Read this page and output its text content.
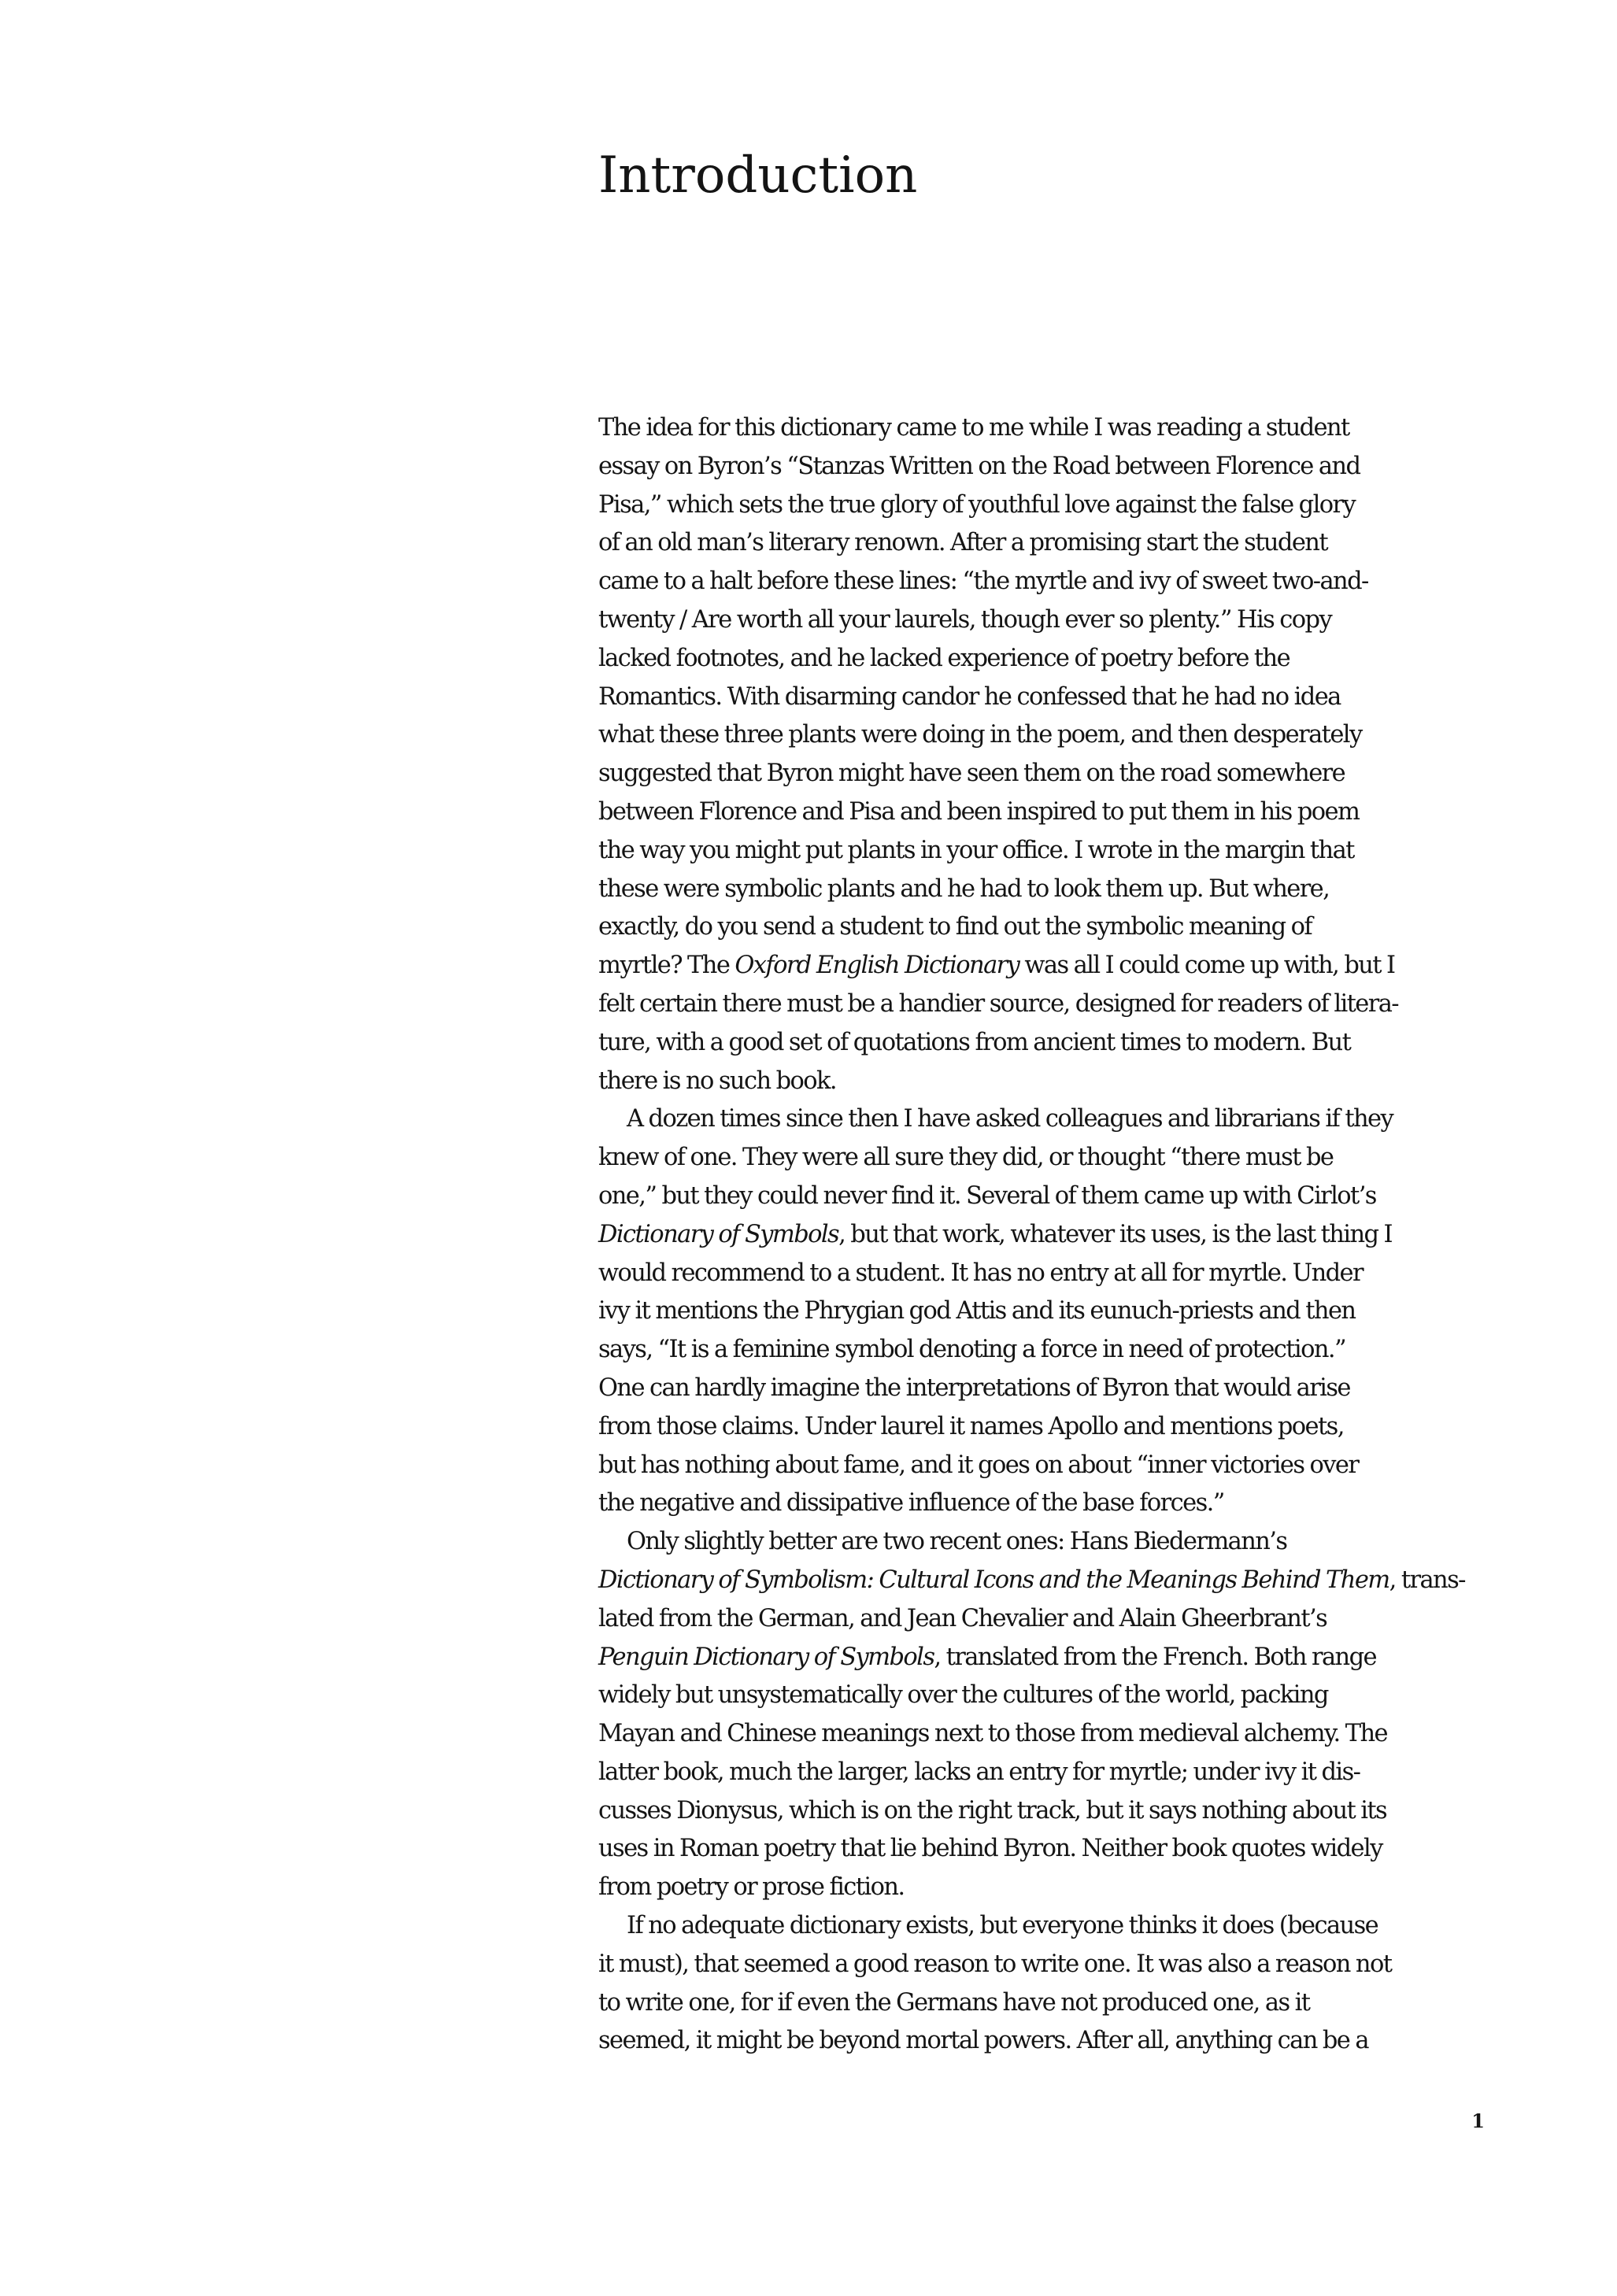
Introduction
The idea for this dictionary came to me while I was reading a student
essay on Byron’s “Stanzas Written on the Road between Florence and
Pisa,” which sets the true glory of youthful love against the false glory
of an old man’s literary renown. After a promising start the student
came to a halt before these lines: “the myrtle and ivy of sweet two-and-
twenty / Are worth all your laurels, though ever so plenty.” His copy
lacked footnotes, and he lacked experience of poetry before the
Romantics. With disarming candor he confessed that he had no idea
what these three plants were doing in the poem, and then desperately
suggested that Byron might have seen them on the road somewhere
between Florence and Pisa and been inspired to put them in his poem
the way you might put plants in your office. I wrote in the margin that
these were symbolic plants and he had to look them up. But where,
exactly, do you send a student to find out the symbolic meaning of
myrtle? The Oxford English Dictionary was all I could come up with, but I
felt certain there must be a handier source, designed for readers of litera-
ture, with a good set of quotations from ancient times to modern. But
there is no such book.
A dozen times since then I have asked colleagues and librarians if they
knew of one. They were all sure they did, or thought “there must be
one,” but they could never find it. Several of them came up with Cirlot’s
Dictionary of Symbols, but that work, whatever its uses, is the last thing I
would recommend to a student. It has no entry at all for myrtle. Under
ivy it mentions the Phrygian god Attis and its eunuch-priests and then
says, “It is a feminine symbol denoting a force in need of protection.”
One can hardly imagine the interpretations of Byron that would arise
from those claims. Under laurel it names Apollo and mentions poets,
but has nothing about fame, and it goes on about “inner victories over
the negative and dissipative influence of the base forces.”
Only slightly better are two recent ones: Hans Biedermann’s
Dictionary of Symbolism: Cultural Icons and the Meanings Behind Them, trans-
lated from the German, and Jean Chevalier and Alain Gheerbrant’s
Penguin Dictionary of Symbols, translated from the French. Both range
widely but unsystematically over the cultures of the world, packing
Mayan and Chinese meanings next to those from medieval alchemy. The
latter book, much the larger, lacks an entry for myrtle; under ivy it dis-
cusses Dionysus, which is on the right track, but it says nothing about its
uses in Roman poetry that lie behind Byron. Neither book quotes widely
from poetry or prose fiction.
If no adequate dictionary exists, but everyone thinks it does (because
it must), that seemed a good reason to write one. It was also a reason not
to write one, for if even the Germans have not produced one, as it
seemed, it might be beyond mortal powers. After all, anything can be a
1
